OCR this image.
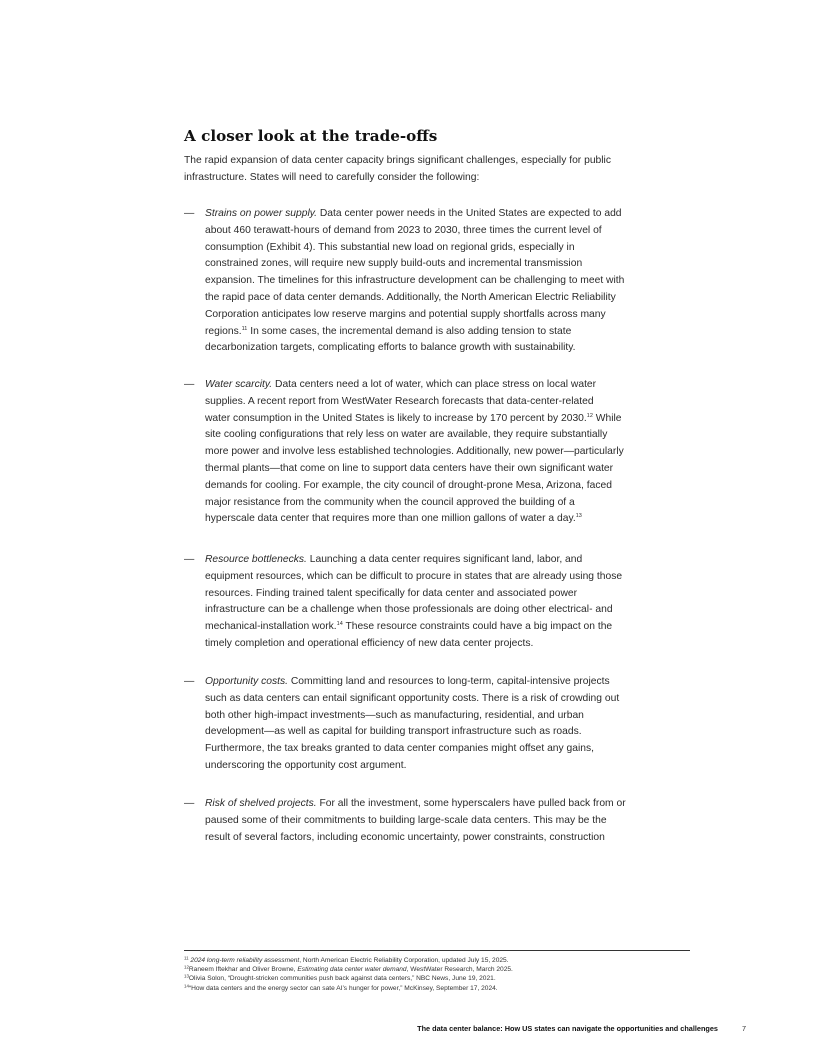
A closer look at the trade-offs

The rapid expansion of data center capacity brings significant challenges, especially for public
infrastructure. States will need to carefully consider the following:

— Strains on power supply. Data center power needs in the United States are expected to add
about 460 terawatt-hours of demand from 2023 to 2030, three times the current level of
consumption (Exhibit 4). This substantial new load on regional grids, especially in
constrained zones, will require new supply build-outs and incremental transmission
expansion. The timelines for this infrastructure development can be challenging to meet with
the rapid pace of data center demands. Additionally, the North American Electric Reliability
Corporation anticipates low reserve margins and potential supply shortfalls across many
regions.$^{11}$ In some cases, the incremental demand is also adding tension to state
decarbonization targets, complicating efforts to balance growth with sustainability.
— Water scarcity. Data centers need a lot of water, which can place stress on local water
supplies. A recent report from WestWater Research forecasts that data-center-related
water consumption in the United States is likely to increase by 170 percent by 2030.12 While
site cooling configurations that rely less on water are available, they require substantially
more power and involve less established technologies. Additionally, new power—particularly
thermal plants—that come on line to support data centers have their own significant water
demands for cooling. For example, the city council of drought-prone Mesa, Arizona, faced
major resistance from the community when the council approved the building of a
hyperscale data center that requires more than one million gallons of water a day.$^{13}$
— Resource bottlenecks. Launching a data center requires significant land, labor, and
equipment resources, which can be difficult to procure in states that are already using those
resources. Finding trained talent specifically for data center and associated power
infrastructure can be a challenge when those professionals are doing other electrical- and
mechanical-installation work.$^{14}$ These resource constraints could have a big impact on the
timely completion and operational efficiency of new data center projects.
— Opportunity costs. Committing land and resources to long-term, capital-intensive projects
such as data centers can entail significant opportunity costs. There is a risk of crowding out
both other high-impact investments—such as manufacturing, residential, and urban
development—as well as capital for building transport infrastructure such as roads.
Furthermore, the tax breaks granted to data center companies might offset any gains,
underscoring the opportunity cost argument.
— Risk of shelved projects. For all the investment, some hyperscalers have pulled back from or
paused some of their commitments to building large-scale data centers. This may be the
result of several factors, including economic uncertainty, power constraints, construction
$^{11}$ 2024 long-term reliability assessment, North American Electric Reliability Corporation, updated July 15, 2025.
$^{12}$Raneem Iftekhar and Oliver Browne, Estimating data center water demand, WestWater Research, March 2025.
$^{13}$Olivia Solon, “Drought-stricken communities push back against data centers,” NBC News, June 19, 2021.
$^{14}$“How data centers and the energy sector can sate AI’s hunger for power,” McKinsey, September 17, 2024.
The data center balance: How US states can navigate the opportunities and challenges	7
